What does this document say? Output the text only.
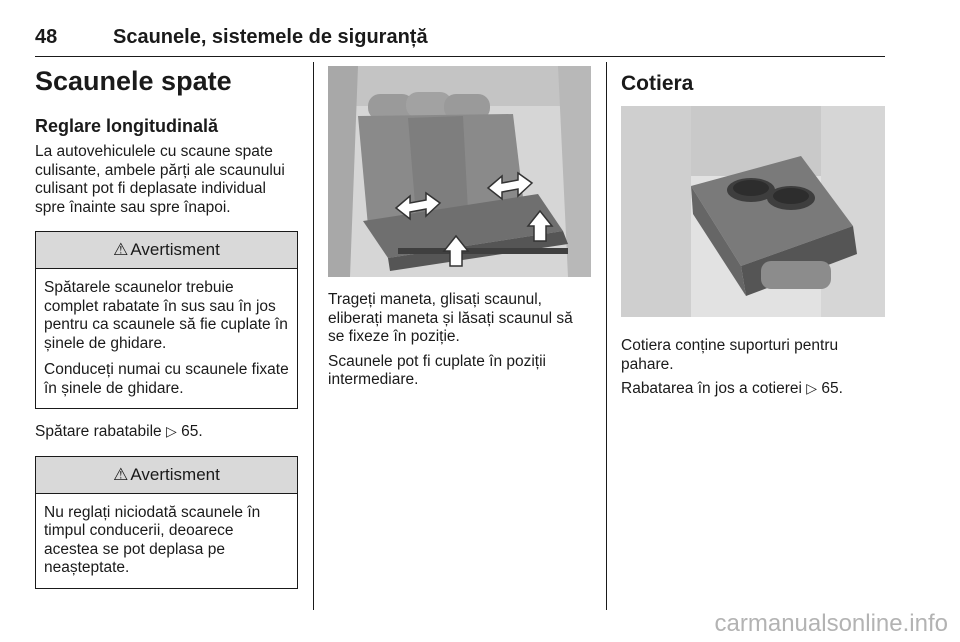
48	Scaunele, sistemele de siguranță
Scaunele spate
Reglare longitudinală

La autovehiculele cu scaune spate culisante, ambele părți ale scaunului culisant pot fi deplasate individual spre înainte sau spre înapoi.

⚠ Avertisment

Spătarele scaunelor trebuie complet rabatate în sus sau în jos pentru ca scaunele să fie cuplate în șinele de ghidare.

Conduceți numai cu scaunele fixate în șinele de ghidare.

Spătare rabatabile ▷ 65.

⚠ Avertisment

Nu reglați niciodată scaunele în timpul conducerii, deoarece acestea se pot deplasa pe neașteptate.

Trageți maneta, glisați scaunul, eliberați maneta și lăsați scaunul să se fixeze în poziție.

Scaunele pot fi cuplate în poziții intermediare.

Cotiera

Cotiera conține suporturi pentru pahare.

Rabatarea în jos a cotierei ▷ 65.

carmanualsonline.info
